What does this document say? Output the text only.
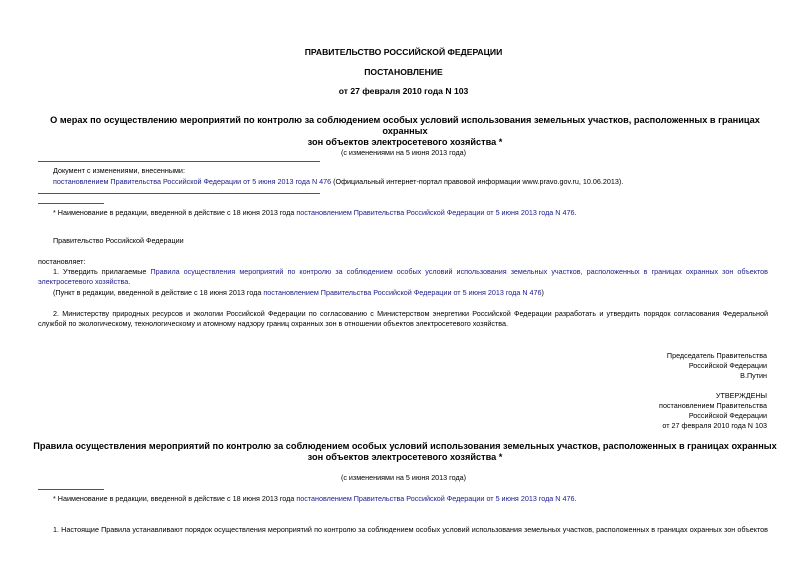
ПРАВИТЕЛЬСТВО РОССИЙСКОЙ ФЕДЕРАЦИИ
ПОСТАНОВЛЕНИЕ
от 27 февраля 2010 года N 103
О мерах по осуществлению мероприятий по контролю за соблюдением особых условий использования земельных участков, расположенных в границах охранных
зон объектов электросетевого хозяйства *
(с изменениями на 5 июня 2013 года)
Документ с изменениями, внесенными:
постановлением Правительства Российской Федерации от 5 июня 2013 года N 476 (Официальный интернет-портал правовой информации www.pravo.gov.ru, 10.06.2013).
* Наименование в редакции, введенной в действие с 18 июня 2013 года постановлением Правительства Российской Федерации от 5 июня 2013 года N 476.
Правительство Российской Федерации
постановляет:
1. Утвердить прилагаемые Правила осуществления мероприятий по контролю за соблюдением особых условий использования земельных участков, расположенных в границах охранных зон объектов
электросетевого хозяйства.
(Пункт в редакции, введенной в действие с 18 июня 2013 года постановлением Правительства Российской Федерации от 5 июня 2013 года N 476)
2. Министерству природных ресурсов и экологии Российской Федерации по согласованию с Министерством энергетики Российской Федерации разработать и утвердить порядок согласования Федеральной
службой по экологическому, технологическому и атомному надзору границ охранных зон в отношении объектов электросетевого хозяйства.
Председатель Правительства
Российской Федерации
В.Путин
УТВЕРЖДЕНЫ
постановлением Правительства
Российской Федерации
от 27 февраля 2010 года N 103
Правила осуществления мероприятий по контролю за соблюдением особых условий использования земельных участков, расположенных в границах охранных
зон объектов электросетевого хозяйства *
(с изменениями на 5 июня 2013 года)
* Наименование в редакции, введенной в действие с 18 июня 2013 года постановлением Правительства Российской Федерации от 5 июня 2013 года N 476.
1. Настоящие Правила устанавливают порядок осуществления мероприятий по контролю за соблюдением особых условий использования земельных участков, расположенных в границах охранных зон объектов
